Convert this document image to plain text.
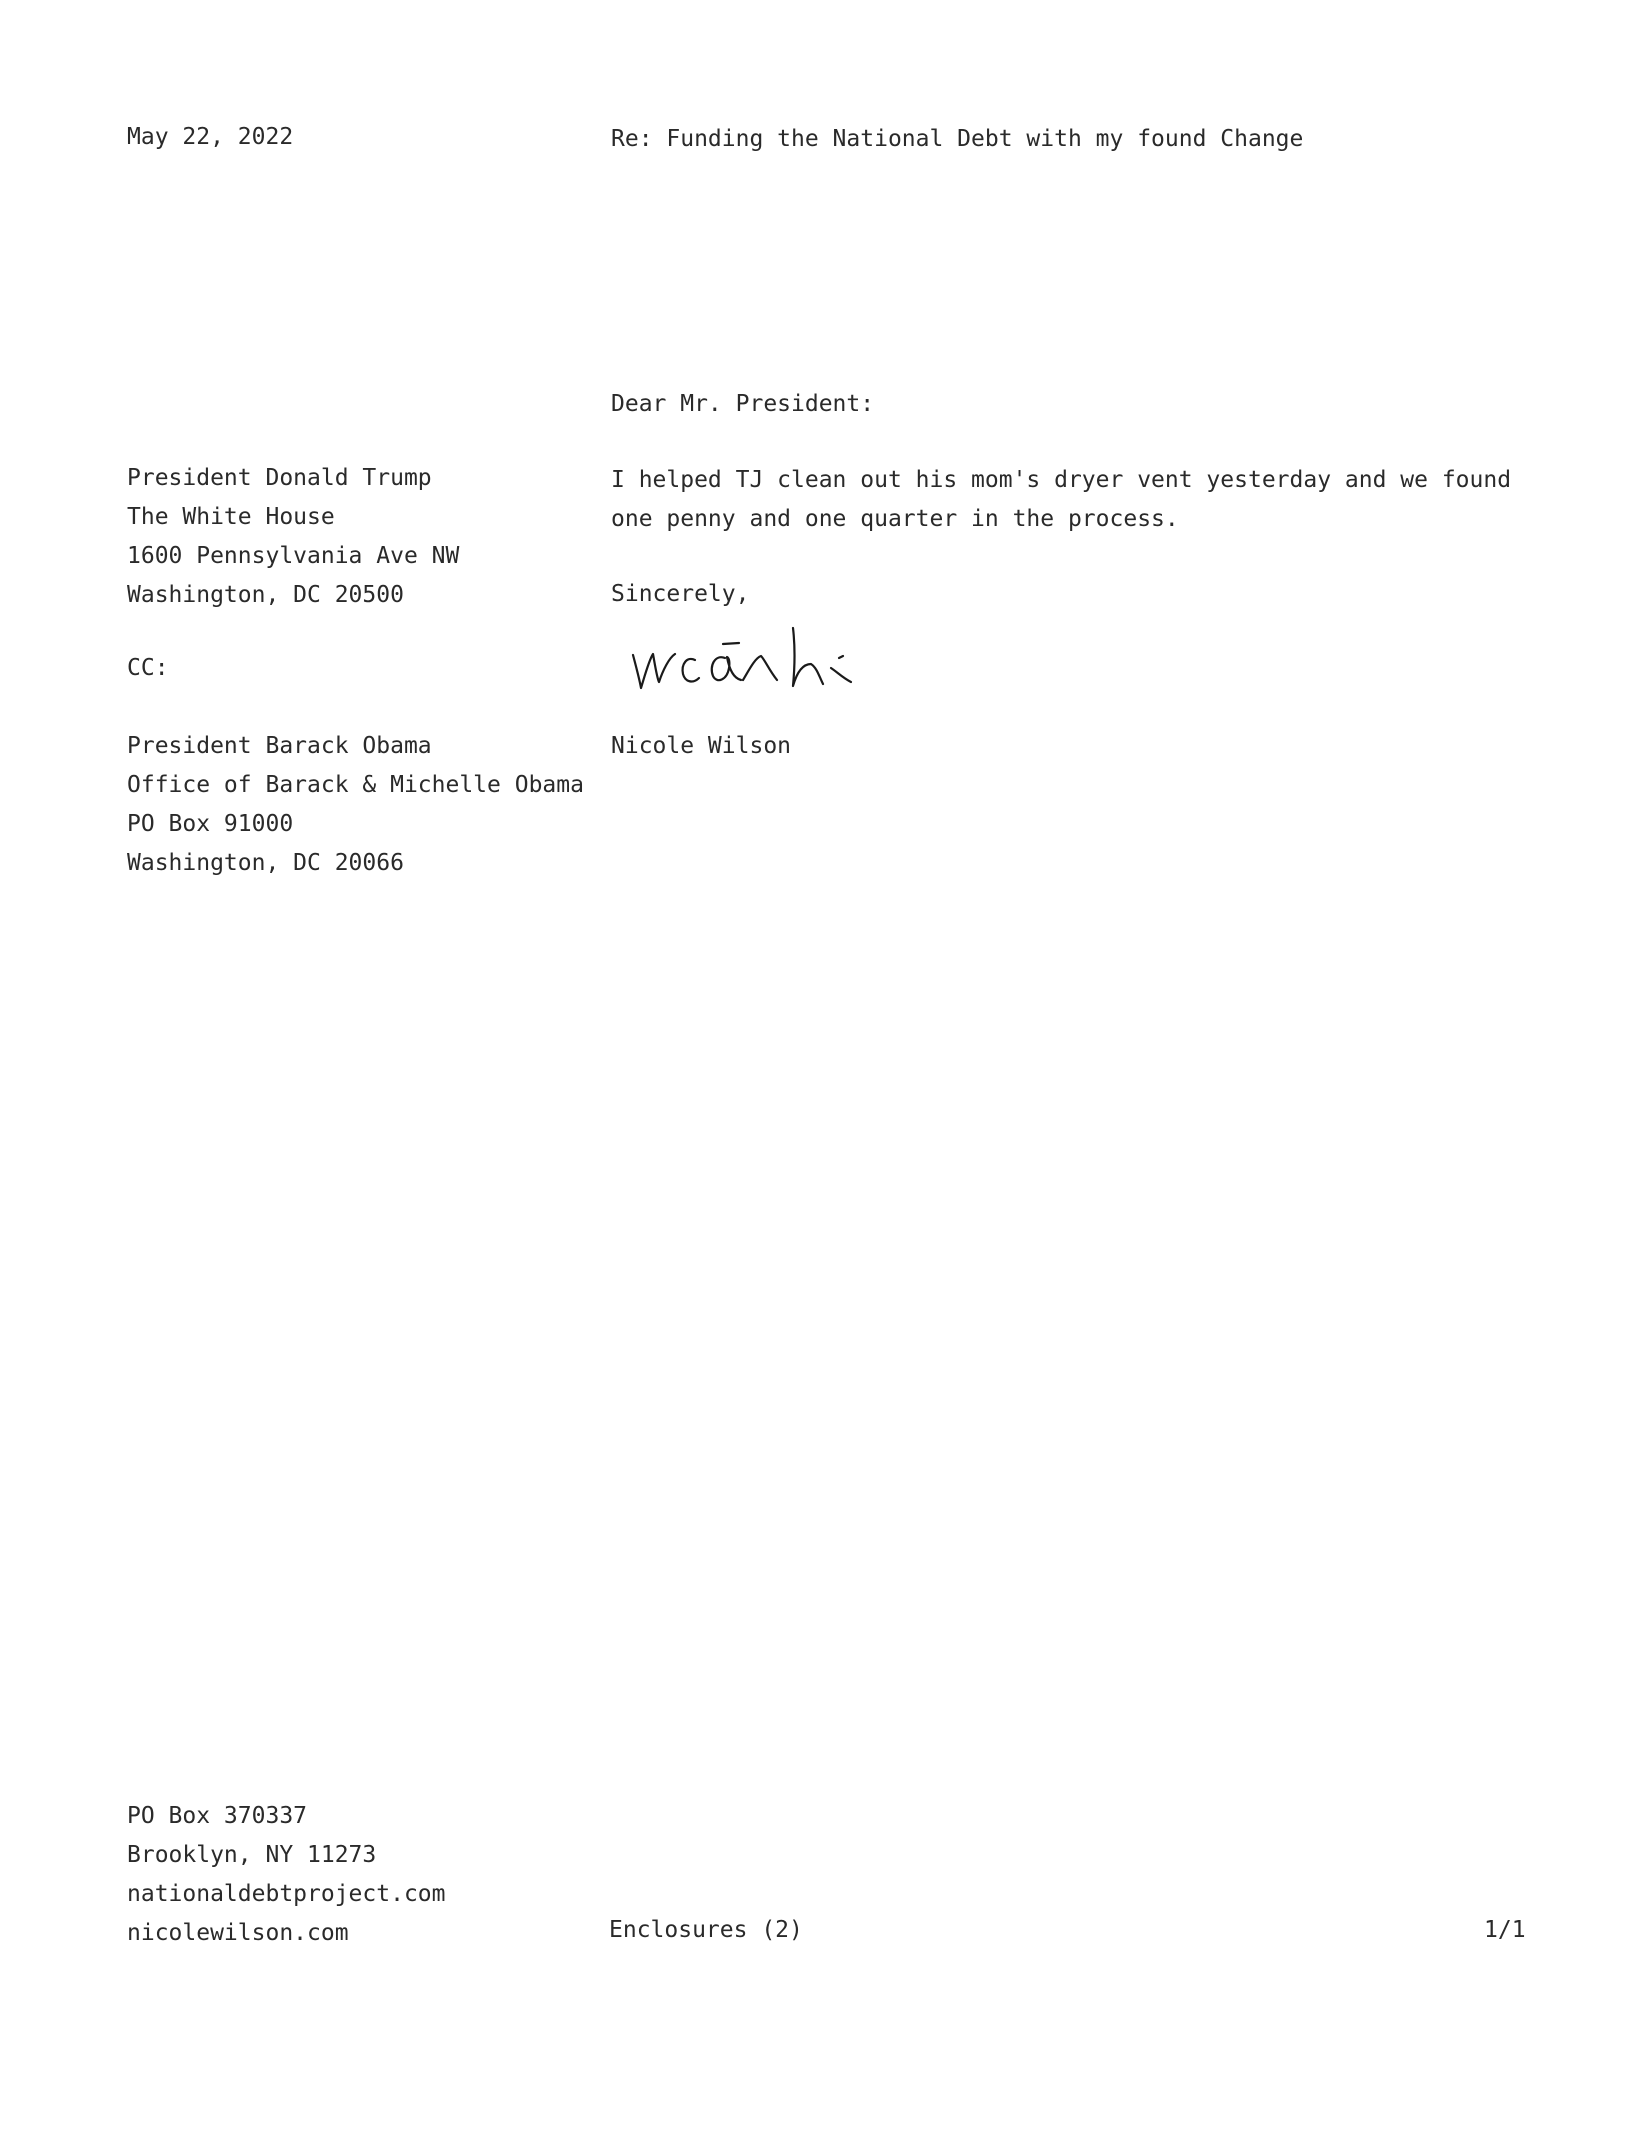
May 22, 2022	Re: Funding the National Debt with my found Change
Dear Mr. President:
President Donald Trump
The White House
1600 Pennsylvania Ave NW
Washington, DC 20500
I helped TJ clean out his mom's dryer vent yesterday and we found
one penny and one quarter in the process.
Sincerely,
CC:
Nicole Wilson
President Barack Obama
Office of Barack & Michelle Obama
PO Box 91000
Washington, DC 20066
PO Box 370337
Brooklyn, NY 11273
nationaldebtproject.com
nicolewilson.com	Enclosures (2)	1/1
